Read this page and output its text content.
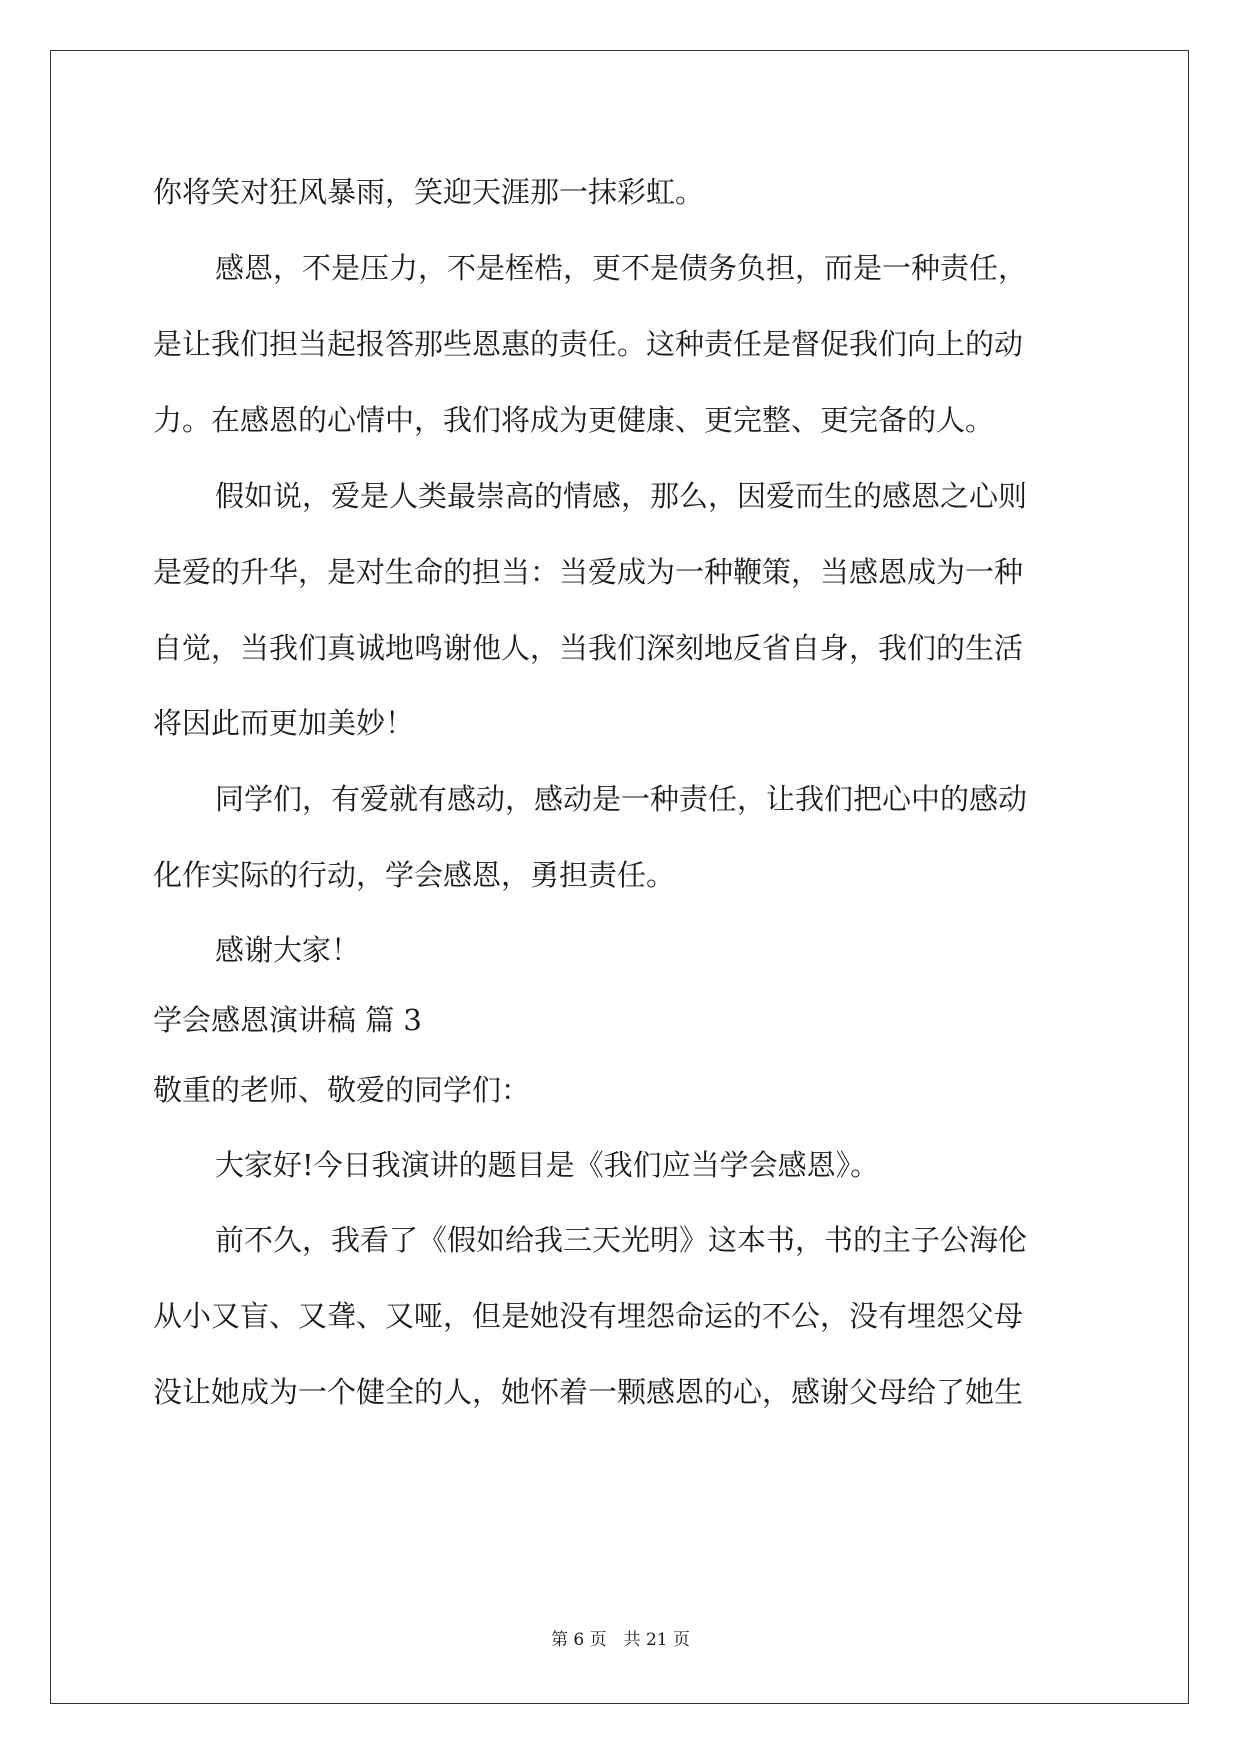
你将笑对狂风暴雨，笑迎天涯那一抹彩虹。

感恩，不是压力，不是桎梏，更不是债务负担，而是一种责任，

是让我们担当起报答那些恩惠的责任。这种责任是督促我们向上的动

力。在感恩的心情中，我们将成为更健康、更完整、更完备的人。

假如说，爱是人类最崇高的情感，那么，因爱而生的感恩之心则

是爱的升华，是对生命的担当：当爱成为一种鞭策，当感恩成为一种

自觉，当我们真诚地鸣谢他人，当我们深刻地反省自身，我们的生活

将因此而更加美妙！

同学们，有爱就有感动，感动是一种责任，让我们把心中的感动

化作实际的行动，学会感恩，勇担责任。

感谢大家！

学会感恩演讲稿 篇 3

敬重的老师、敬爱的同学们：

大家好!今日我演讲的题目是《我们应当学会感恩》。

前不久，我看了《假如给我三天光明》这本书，书的主子公海伦

从小又盲、又聋、又哑，但是她没有埋怨命运的不公，没有埋怨父母

没让她成为一个健全的人，她怀着一颗感恩的心，感谢父母给了她生

第 6 页　共 21 页
